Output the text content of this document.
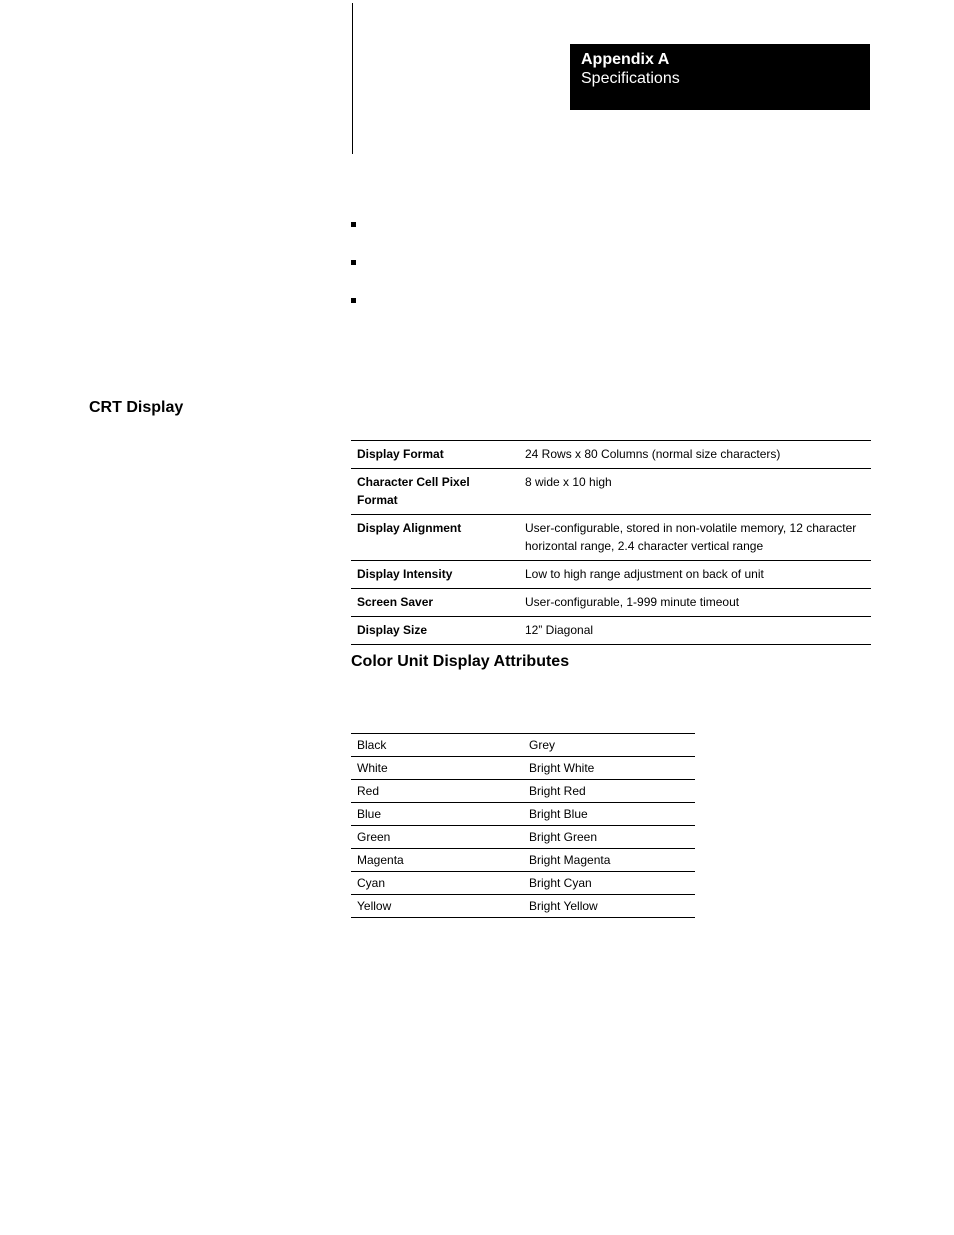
Appendix A
Specifications
CRT Display
Display Format	24 Rows x 80 Columns (normal size characters)
Character Cell Pixel Format	8 wide x 10 high
Display Alignment	User-configurable, stored in non-volatile memory, 12 character horizontal range, 2.4 character vertical range
Display Intensity	Low to high range adjustment on back of unit
Screen Saver	User-configurable, 1-999 minute timeout
Display Size	12” Diagonal
Color Unit Display Attributes
Black	Grey
White	Bright White
Red	Bright Red
Blue	Bright Blue
Green	Bright Green
Magenta	Bright Magenta
Cyan	Bright Cyan
Yellow	Bright Yellow
